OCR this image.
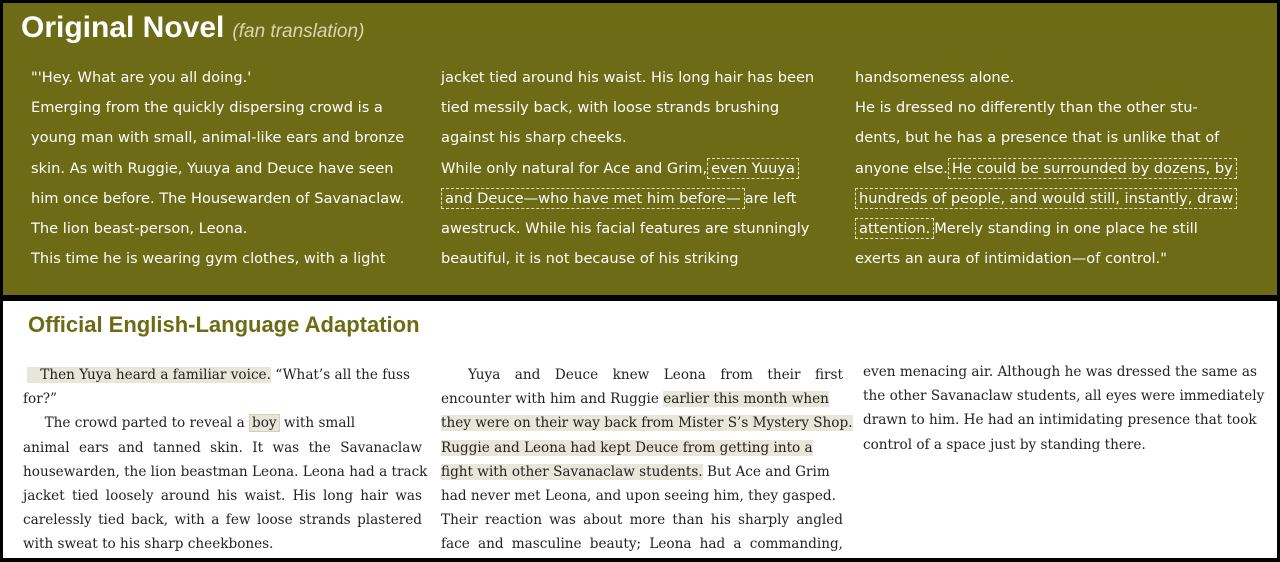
Original Novel (fan translation)
"'Hey. What are you all doing.'
Emerging from the quickly dispersing crowd is a
young man with small, animal-like ears and bronze
skin. As with Ruggie, Yuuya and Deuce have seen
him once before. The Housewarden of Savanaclaw.
The lion beast-person, Leona.
This time he is wearing gym clothes, with a light
jacket tied around his waist. His long hair has been
tied messily back, with loose strands brushing
against his sharp cheeks.
While only natural for Ace and Grim, even Yuuya
and Deuce—who have met him before— are left
awestruck. While his facial features are stunningly
beautiful, it is not because of his striking
handsomeness alone.
He is dressed no differently than the other stu-
dents, but he has a presence that is unlike that of
anyone else. He could be surrounded by dozens, by
hundreds of people, and would still, instantly, draw
attention. Merely standing in one place he still
exerts an aura of intimidation—of control."
Official English-Language Adaptation
Then Yuya heard a familiar voice. “What’s all the fuss
for?”
The crowd parted to reveal a boy with small
animal ears and tanned skin. It was the Savanaclaw
housewarden, the lion beastman Leona. Leona had a track
jacket tied loosely around his waist. His long hair was
carelessly tied back, with a few loose strands plastered
with sweat to his sharp cheekbones.
Yuya and Deuce knew Leona from their first
encounter with him and Ruggie earlier this month when
they were on their way back from Mister S’s Mystery Shop.
Ruggie and Leona had kept Deuce from getting into a
fight with other Savanaclaw students. But Ace and Grim
had never met Leona, and upon seeing him, they gasped.
Their reaction was about more than his sharply angled
face and masculine beauty; Leona had a commanding,
even menacing air. Although he was dressed the same as
the other Savanaclaw students, all eyes were immediately
drawn to him. He had an intimidating presence that took
control of a space just by standing there.
